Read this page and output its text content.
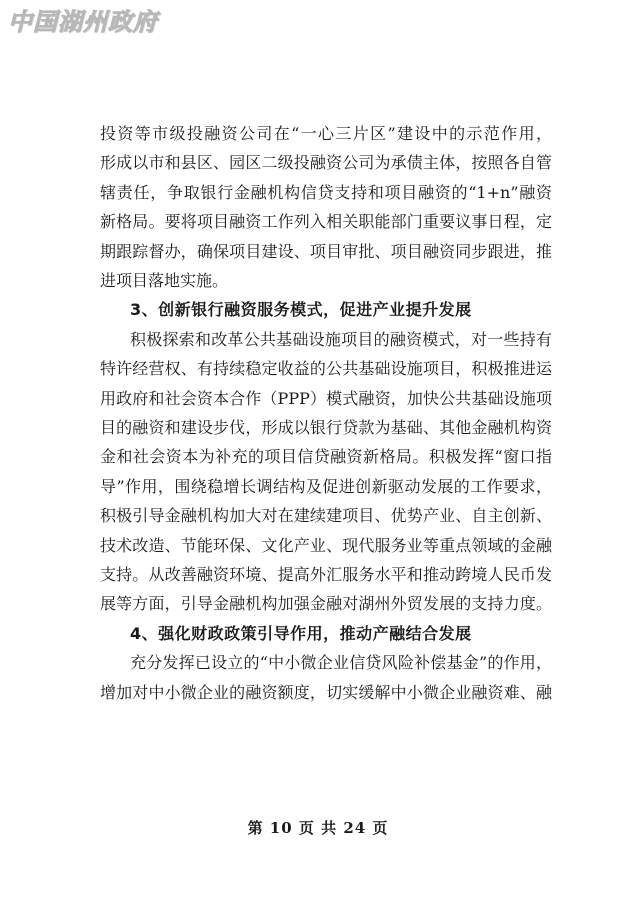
中国湖州政府
投资等市级投融资公司在“一心三片区”建设中的示范作用，
形成以市和县区、园区二级投融资公司为承债主体，按照各自管
辖责任，争取银行金融机构信贷支持和项目融资的“1+n”融资
新格局。要将项目融资工作列入相关职能部门重要议事日程，定
期跟踪督办，确保项目建设、项目审批、项目融资同步跟进，推
进项目落地实施。
3、创新银行融资服务模式，促进产业提升发展
积极探索和改革公共基础设施项目的融资模式，对一些持有
特许经营权、有持续稳定收益的公共基础设施项目，积极推进运
用政府和社会资本合作（PPP）模式融资，加快公共基础设施项
目的融资和建设步伐，形成以银行贷款为基础、其他金融机构资
金和社会资本为补充的项目信贷融资新格局。积极发挥“窗口指
导”作用，围绕稳增长调结构及促进创新驱动发展的工作要求，
积极引导金融机构加大对在建续建项目、优势产业、自主创新、
技术改造、节能环保、文化产业、现代服务业等重点领域的金融
支持。从改善融资环境、提高外汇服务水平和推动跨境人民币发
展等方面，引导金融机构加强金融对湖州外贸发展的支持力度。
4、强化财政政策引导作用，推动产融结合发展
充分发挥已设立的“中小微企业信贷风险补偿基金”的作用，
增加对中小微企业的融资额度，切实缓解中小微企业融资难、融
第 10 页 共 24 页
